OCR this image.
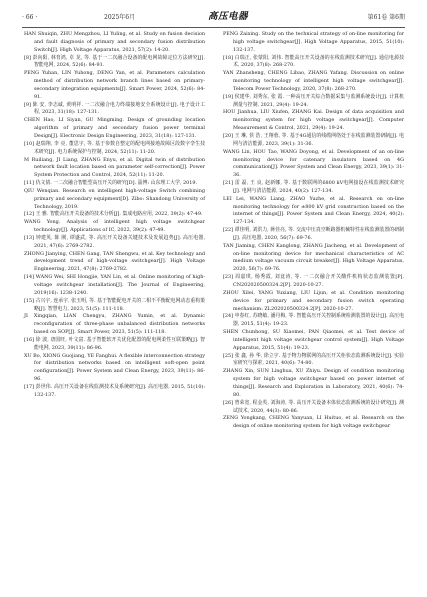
· 66 ·	2025年6月	高压电器	第61卷 第6期

HAN Shuiqin, ZHU Mengzhou, LI Yuling, et al. Study on fusion decision and fault diagnosis of primary and secondary fusion distribution Switch[J]. High Voltage Apparatus, 2021, 57(2): 14-20.

[8] 彭向阳, 林育鸿, 卓 龙, 等. 基于一二次融合设备的配电网故障定位方法研究[J]. 智能电网, 2024, 52(6): 84-91.

PENG Yuhan, LIN Yuhong, DENG Yan, et al. Parameters calculation method of distribution network branch lines based on primary-secondary integration equipments[J]. Smart Power, 2024, 52(6): 84-91.

[9] 陈 安, 李志诚, 黄明祥. 一二次融合电力终端接地安全系统设计[J]. 电子设计工程, 2023, 31(18): 127-131.

CHEN Hao, LI Siyan, GU Mingming. Design of grounding location algorithm of primary and secondary fusion power terminal Design[J]. Electronic Design Engineering, 2023, 31(18): 127-131.

[10] 赵瑞翔, 李 亮, 董思宇, 等. 基于参数自整定的配电网接地故障区段数字孪生技术研究[J]. 电力系统保护与控制, 2024, 52(11): 11-20.

M Ruiliang, JI Liang, ZHANG Enyu, et al. Digital twin of distribution network fault location based on parameter self-correction[J]. Power System Protection and Control, 2024, 52(11): 11-20.

[11] 仇文倩. 一二次融合智能型高压开关的研究[D]. 淄博: 山东理工大学, 2019.

QIU Wenqian. Research on intelligent high-voltage Switch combining primary and secondary equipment[D]. Zibo: Shandong University of Technology, 2019.

[12] 王 雅. 智能高压开关设备的技术分析[J]. 集成电路应用, 2022, 39(2): 47-49.

WANG Yong. Analysis of intelligent high voltage switchgear technology[J]. Applications of IC, 2022, 39(2): 47-49.

[13] 钟建英, 陈 刚, 谭盛武, 等. 高压开关设备关键技术及发展趋势[J]. 高压电器, 2021, 47(6): 2769-2782.

ZHONG Jianying, CHEN Gang, TAN Shengwu, et al. Key technology and development trend of high-voltage switchgear[J]. High Voltage Engineering, 2021, 47(8): 2769-2782.

[14] WANG Wei, SHI Hongjie, YAN Lin, et al. Online monitoring of high-voltage switchgear installation[J]. The Journal of Engineering, 2019(16): 1238-1240.

[15] 古兴宇, 连承宇, 张玉明, 等. 基于智能配电开关的二相不平衡配电网动态重构策略[J]. 智慧电力, 2023, 51(5): 111-118.

JI Xingqian, LIAN Chengyu, ZHANG Yumin, et al. Dynamic reconfiguration of three-phase unbalanced distribution networks based on SOP[J]. Smart Power, 2023, 51(5): 111-118.

[16] 徐 波, 唐国旺, 叶文富. 基于智能软开关优化配置的配电网柔性互联策略[J]. 智能电网, 2023, 39(11): 86-96.

XU Bo, XIONG Guojiang, YE Fanghui. A flexible interconnection strategy for distribution networks based on intelligent soft-open point configuration[J]. Power System and Clean Energy, 2023, 39(11): 86-96.

[17] 彭世伟. 高压开关设备在线监测技术及系统研究[J]. 高压电器, 2015, 51(10): 132-137.

PENG Zaixing. Study on the technical strategy of on-line monitoring for high voltage switchgear[J]. High Voltage Apparatus, 2015, 51(10): 132-137.

[18] 白瑞正, 张蒙阳, 刘伟. 智能高压开关设备的在线监测技术研究[J]. 通信电源技术, 2020, 37(8): 268-270.

YAN Zhansheng, CHENG Libao, ZHANG Yafang. Discussion on online monitoring technology of intelligent high voltage switchgear[J]. Telecom Power Technology, 2020, 37(8): 268-270.

[19] 侯建华, 刘秀东, 张 霞. 一种高压开关综合数据采集与监测系统设计[J]. 计算机测量与控制, 2021, 29(4): 19-24.

HOU Jianhua, LIU Xiufen, ZHANG Kai. Design of data acquisition and monitoring system for high voltage switchgear[J]. Computer Measurement & Control, 2021, 29(4): 19-24.

[20] 王 琳, 侯 浩, 王翔蓉, 等. 基于4G通信的线缆网络处于在线监测装置研制[J]. 电网与清洁能源, 2023, 39(1): 31-36.

WANG Lin, HOU Tao, WANG Doyong, et al. Development of an on-line monitoring device for catenary insulators based on 4G communication[J]. Power System and Clean Energy, 2023, 39(1): 31-36.

[21] 雷 磊, 王 良, 赵新娜, 等. 基于数联网的6800 kV电网接设在线监测技术研究[J]. 电网与清洁能源, 2024, 40(2): 127-134.

LEI Lei, WANG Liang, ZHAO Yuzhe, et al. Research on on-line monitoring technology for ±800 kV grid construction based on the internet of things[J]. Power System and Clean Energy, 2024, 40(2): 127-134.

[22] 谭佳明, 刘洪力, 蒋佳亮, 等. 交流中压真空断路器机械特性在线监测装置的研制[J]. 高压电器, 2020, 56(7): 69-76.

TAN Jiaming, CHEN Kanglong, ZHANG Jiacheng, et al. Development of on-line monitoring device for mechanical characteristics of AC medium voltage vacuum circuit breaker[J]. High Voltage Apparatus, 2020, 56(7): 69-76.

[23] 周嘉琪, 杨秀霞, 刘竟涛, 等. 一二次融合开关酸件机构状态监测装置[P]. CN202020500324.2[P]. 2020-10-27.

ZHOU Xilei, YANG Yuxiang, LIU Lijun, et al. Condition monitoring device for primary and secondary fusion switch operating mechanism: ZL202020500324.2[P]. 2020-10-27.

[24] 申春红, 苏晓敏, 潘丹梅, 等. 智能高压开关控制系统检测装置的设计[J]. 高压电器, 2015, 51(4): 19-23.

SHEN Chunhong, SU Xiaomei, PAN Qiaomei, et al. Test device of intelligent high voltage switchgear control system[J]. High Voltage Apparatus, 2015, 51(4): 19-23.

[25] 张 鑫, 孙 华, 徐立宇. 基于物力物联网的高压开关柜状态监测系统设计[J]. 实验室研究与探索, 2021, 40(6): 74-80.

ZHANG Xin, SUN Linghua, XU Zhiyu. Design of condition monitoring system for high voltage switchgear based on power internet of things[J]. Research and Exploration in Laboratory, 2021, 40(6): 74-80.

[26] 曾荣宽, 程金英, 刘海涛, 等. 高压开关设备本体状态监测系统的设计研究[J]. 测试技术, 2020, 44(3): 80-86.

ZENG Yongkang, CHENG Yanyuan, LI Huituo, et al. Research on the design of online monitoring system for high voltage switchgear
